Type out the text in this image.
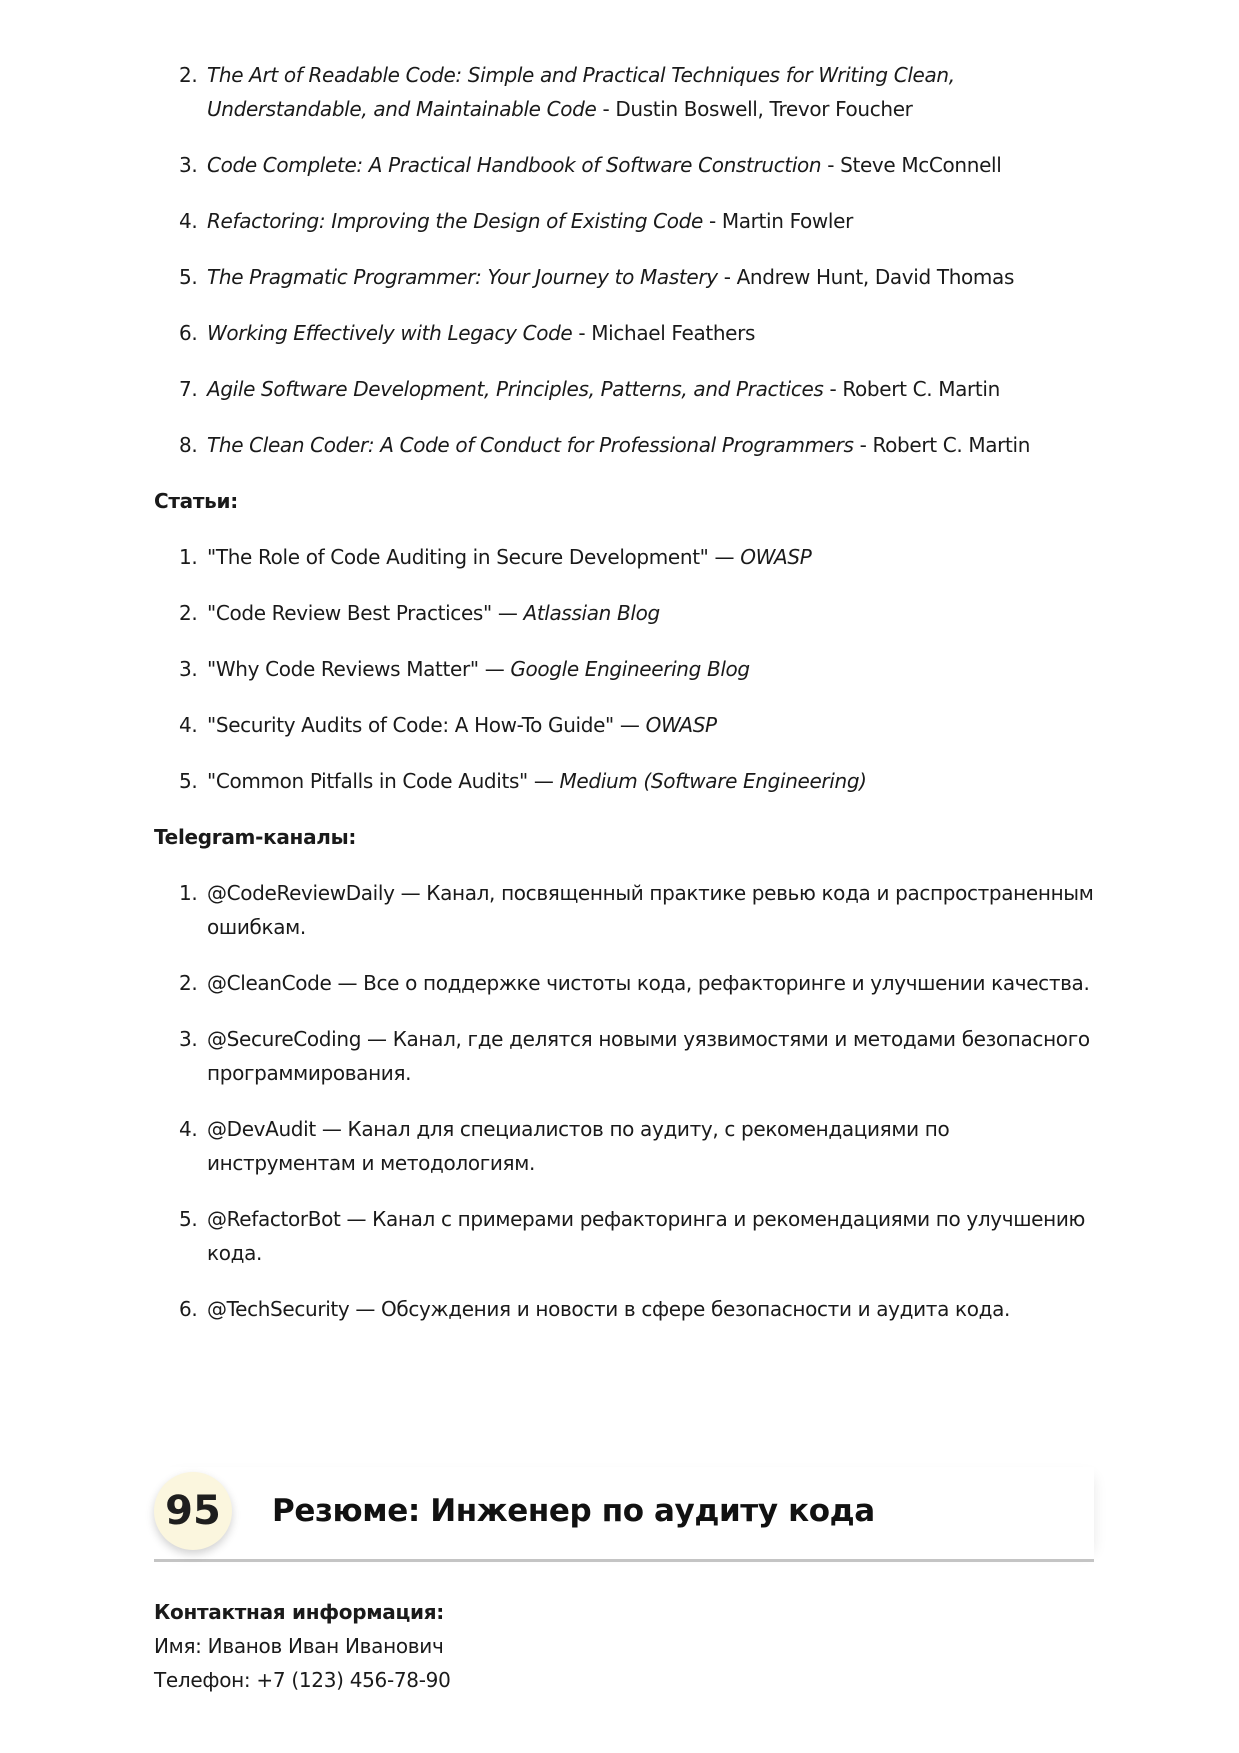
2. The Art of Readable Code: Simple and Practical Techniques for Writing Clean, Understandable, and Maintainable Code - Dustin Boswell, Trevor Foucher
3. Code Complete: A Practical Handbook of Software Construction - Steve McConnell
4. Refactoring: Improving the Design of Existing Code - Martin Fowler
5. The Pragmatic Programmer: Your Journey to Mastery - Andrew Hunt, David Thomas
6. Working Effectively with Legacy Code - Michael Feathers
7. Agile Software Development, Principles, Patterns, and Practices - Robert C. Martin
8. The Clean Coder: A Code of Conduct for Professional Programmers - Robert C. Martin
Статьи:
1. "The Role of Code Auditing in Secure Development" — OWASP
2. "Code Review Best Practices" — Atlassian Blog
3. "Why Code Reviews Matter" — Google Engineering Blog
4. "Security Audits of Code: A How-To Guide" — OWASP
5. "Common Pitfalls in Code Audits" — Medium (Software Engineering)
Telegram-каналы:
1. @CodeReviewDaily — Канал, посвященный практике ревью кода и распространенным ошибкам.
2. @CleanCode — Все о поддержке чистоты кода, рефакторинге и улучшении качества.
3. @SecureCoding — Канал, где делятся новыми уязвимостями и методами безопасного программирования.
4. @DevAudit — Канал для специалистов по аудиту, с рекомендациями по инструментам и методологиям.
5. @RefactorBot — Канал с примерами рефакторинга и рекомендациями по улучшению кода.
6. @TechSecurity — Обсуждения и новости в сфере безопасности и аудита кода.
95	Резюме: Инженер по аудиту кода
Контактная информация:
Имя: Иванов Иван Иванович
Телефон: +7 (123) 456-78-90
